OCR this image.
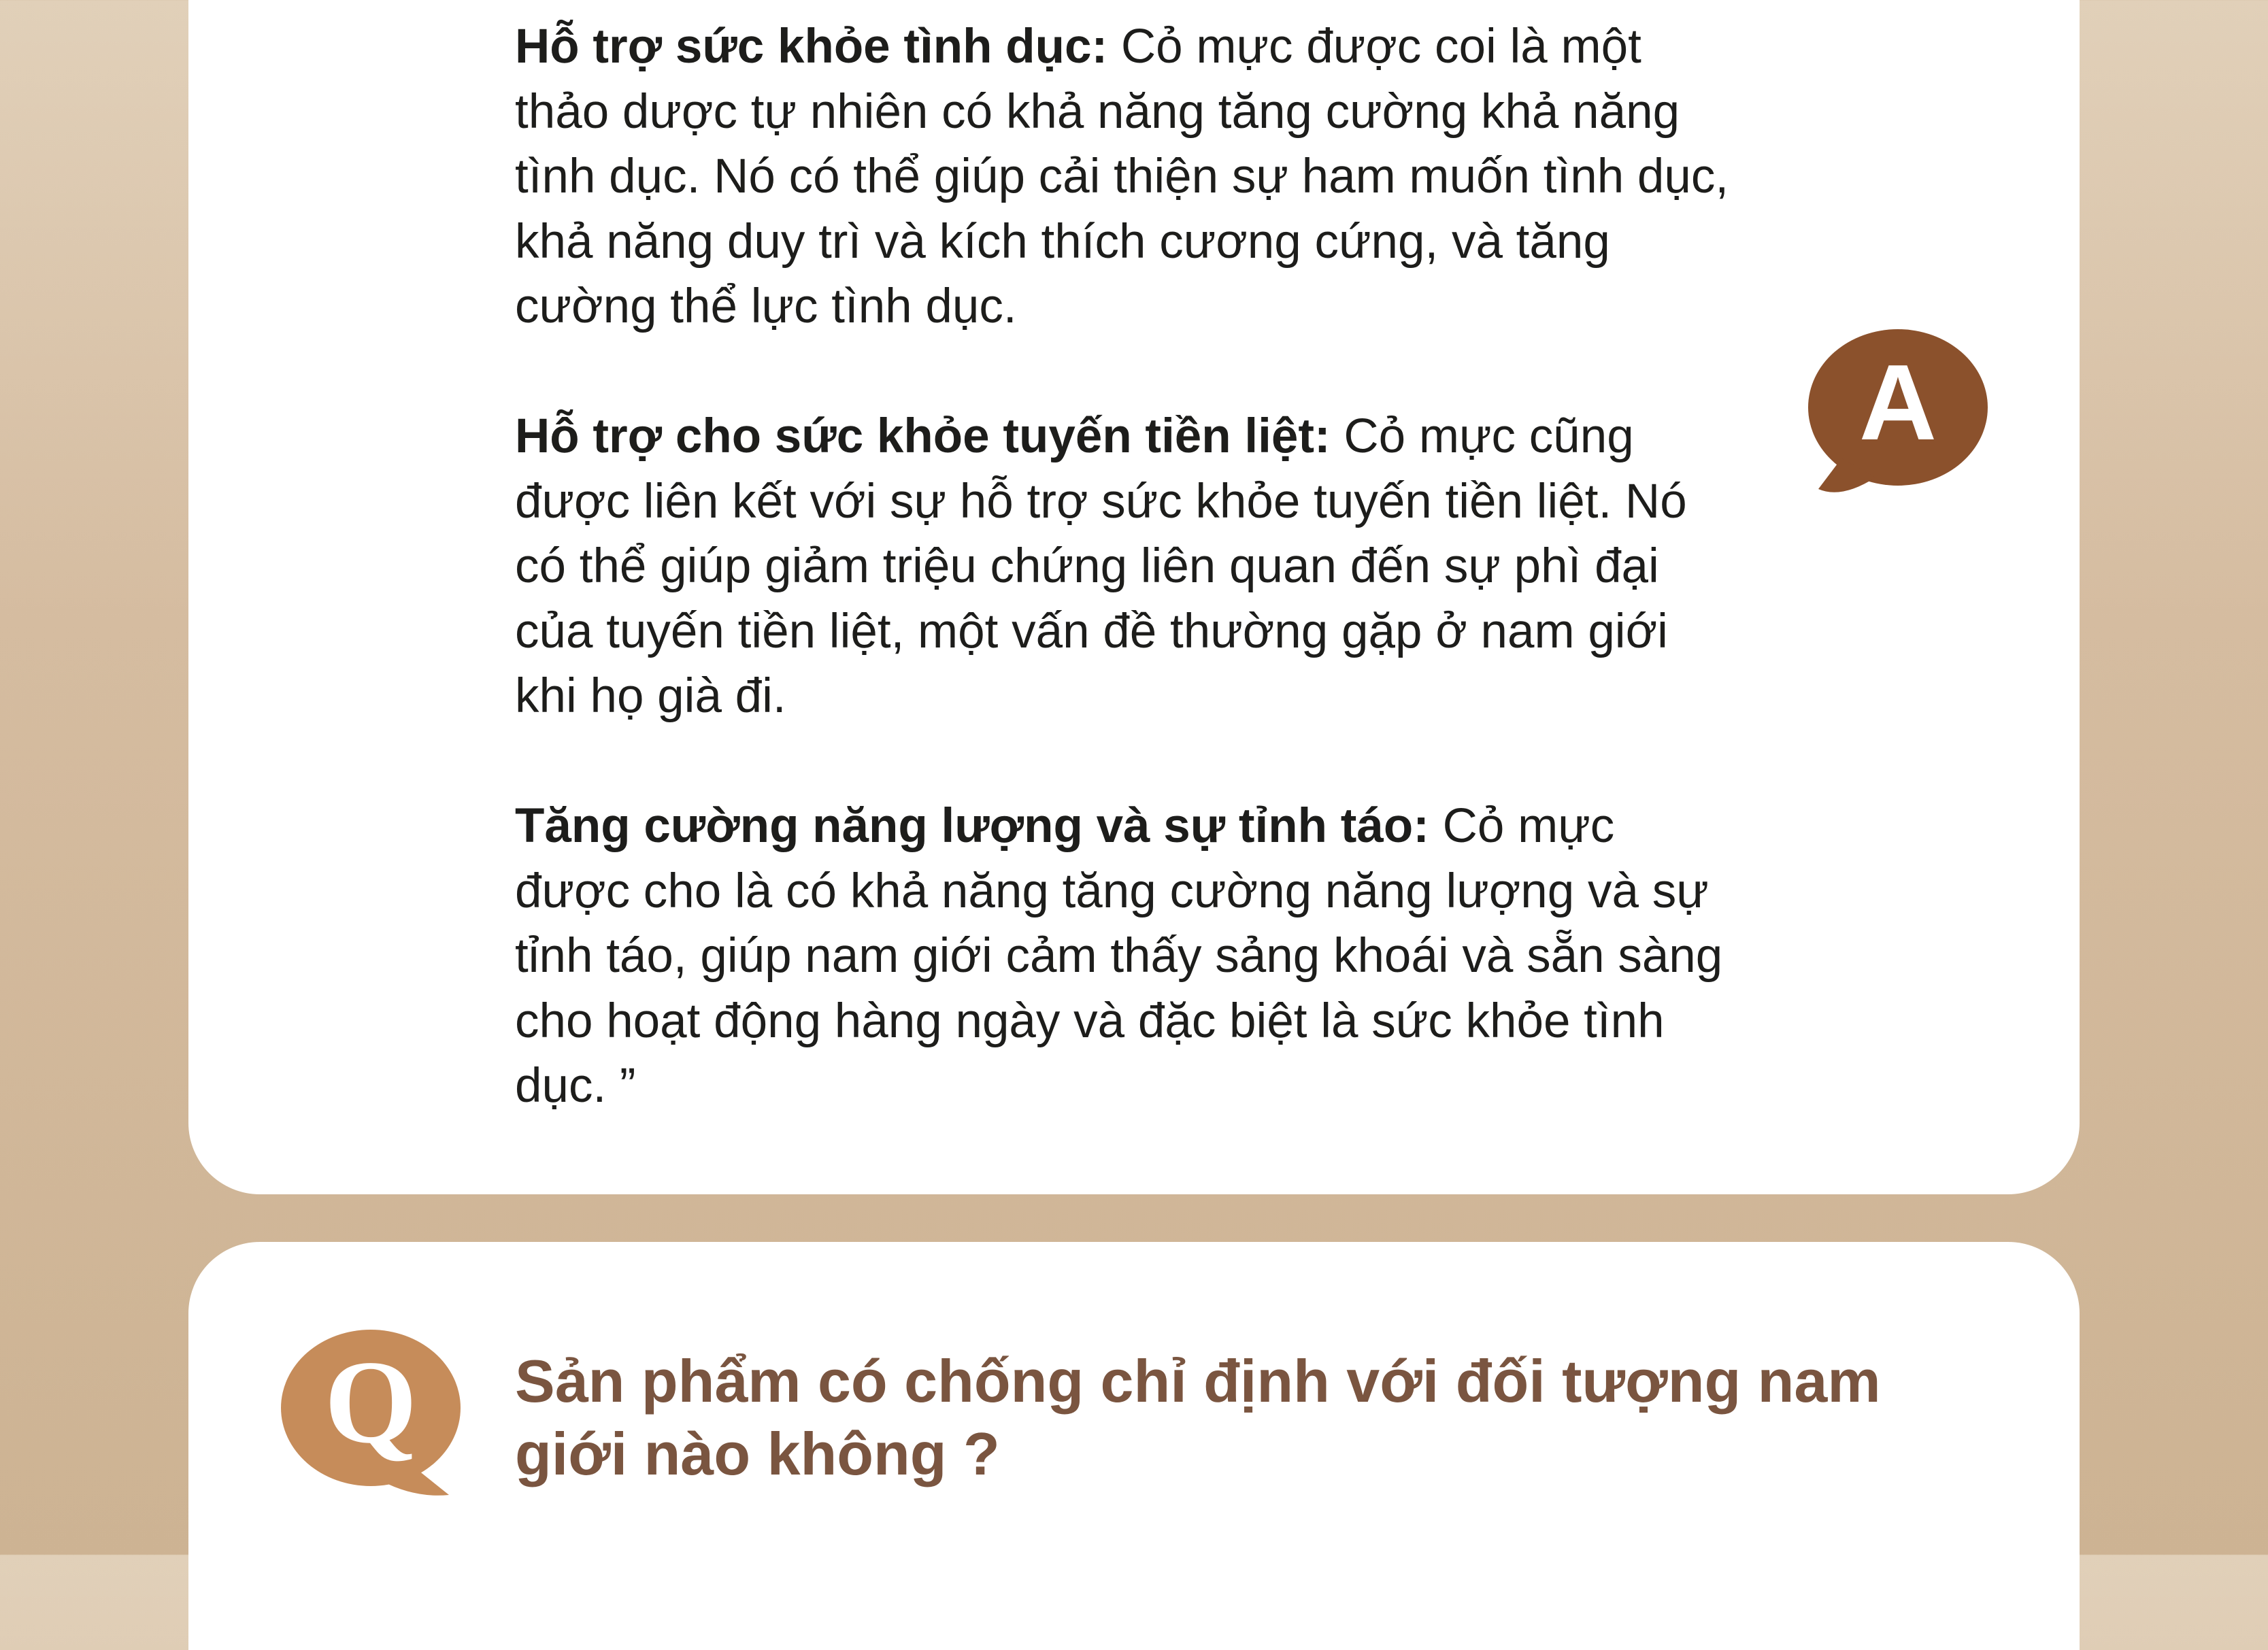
Hỗ trợ sức khỏe tình dục: Cỏ mực được coi là một thảo dược tự nhiên có khả năng tăng cường khả năng tình dục. Nó có thể giúp cải thiện sự ham muốn tình dục, khả năng duy trì và kích thích cương cứng, và tăng cường thể lực tình dục.

Hỗ trợ cho sức khỏe tuyến tiền liệt: Cỏ mực cũng được liên kết với sự hỗ trợ sức khỏe tuyến tiền liệt. Nó có thể giúp giảm triệu chứng liên quan đến sự phì đại của tuyến tiền liệt, một vấn đề thường gặp ở nam giới khi họ già đi.

Tăng cường năng lượng và sự tỉnh táo: Cỏ mực được cho là có khả năng tăng cường năng lượng và sự tỉnh táo, giúp nam giới cảm thấy sảng khoái và sẵn sàng cho hoạt động hàng ngày và đặc biệt là sức khỏe tình dục. ”

A
Q Sản phẩm có chống chỉ định với đối tượng nam giới nào không ?
